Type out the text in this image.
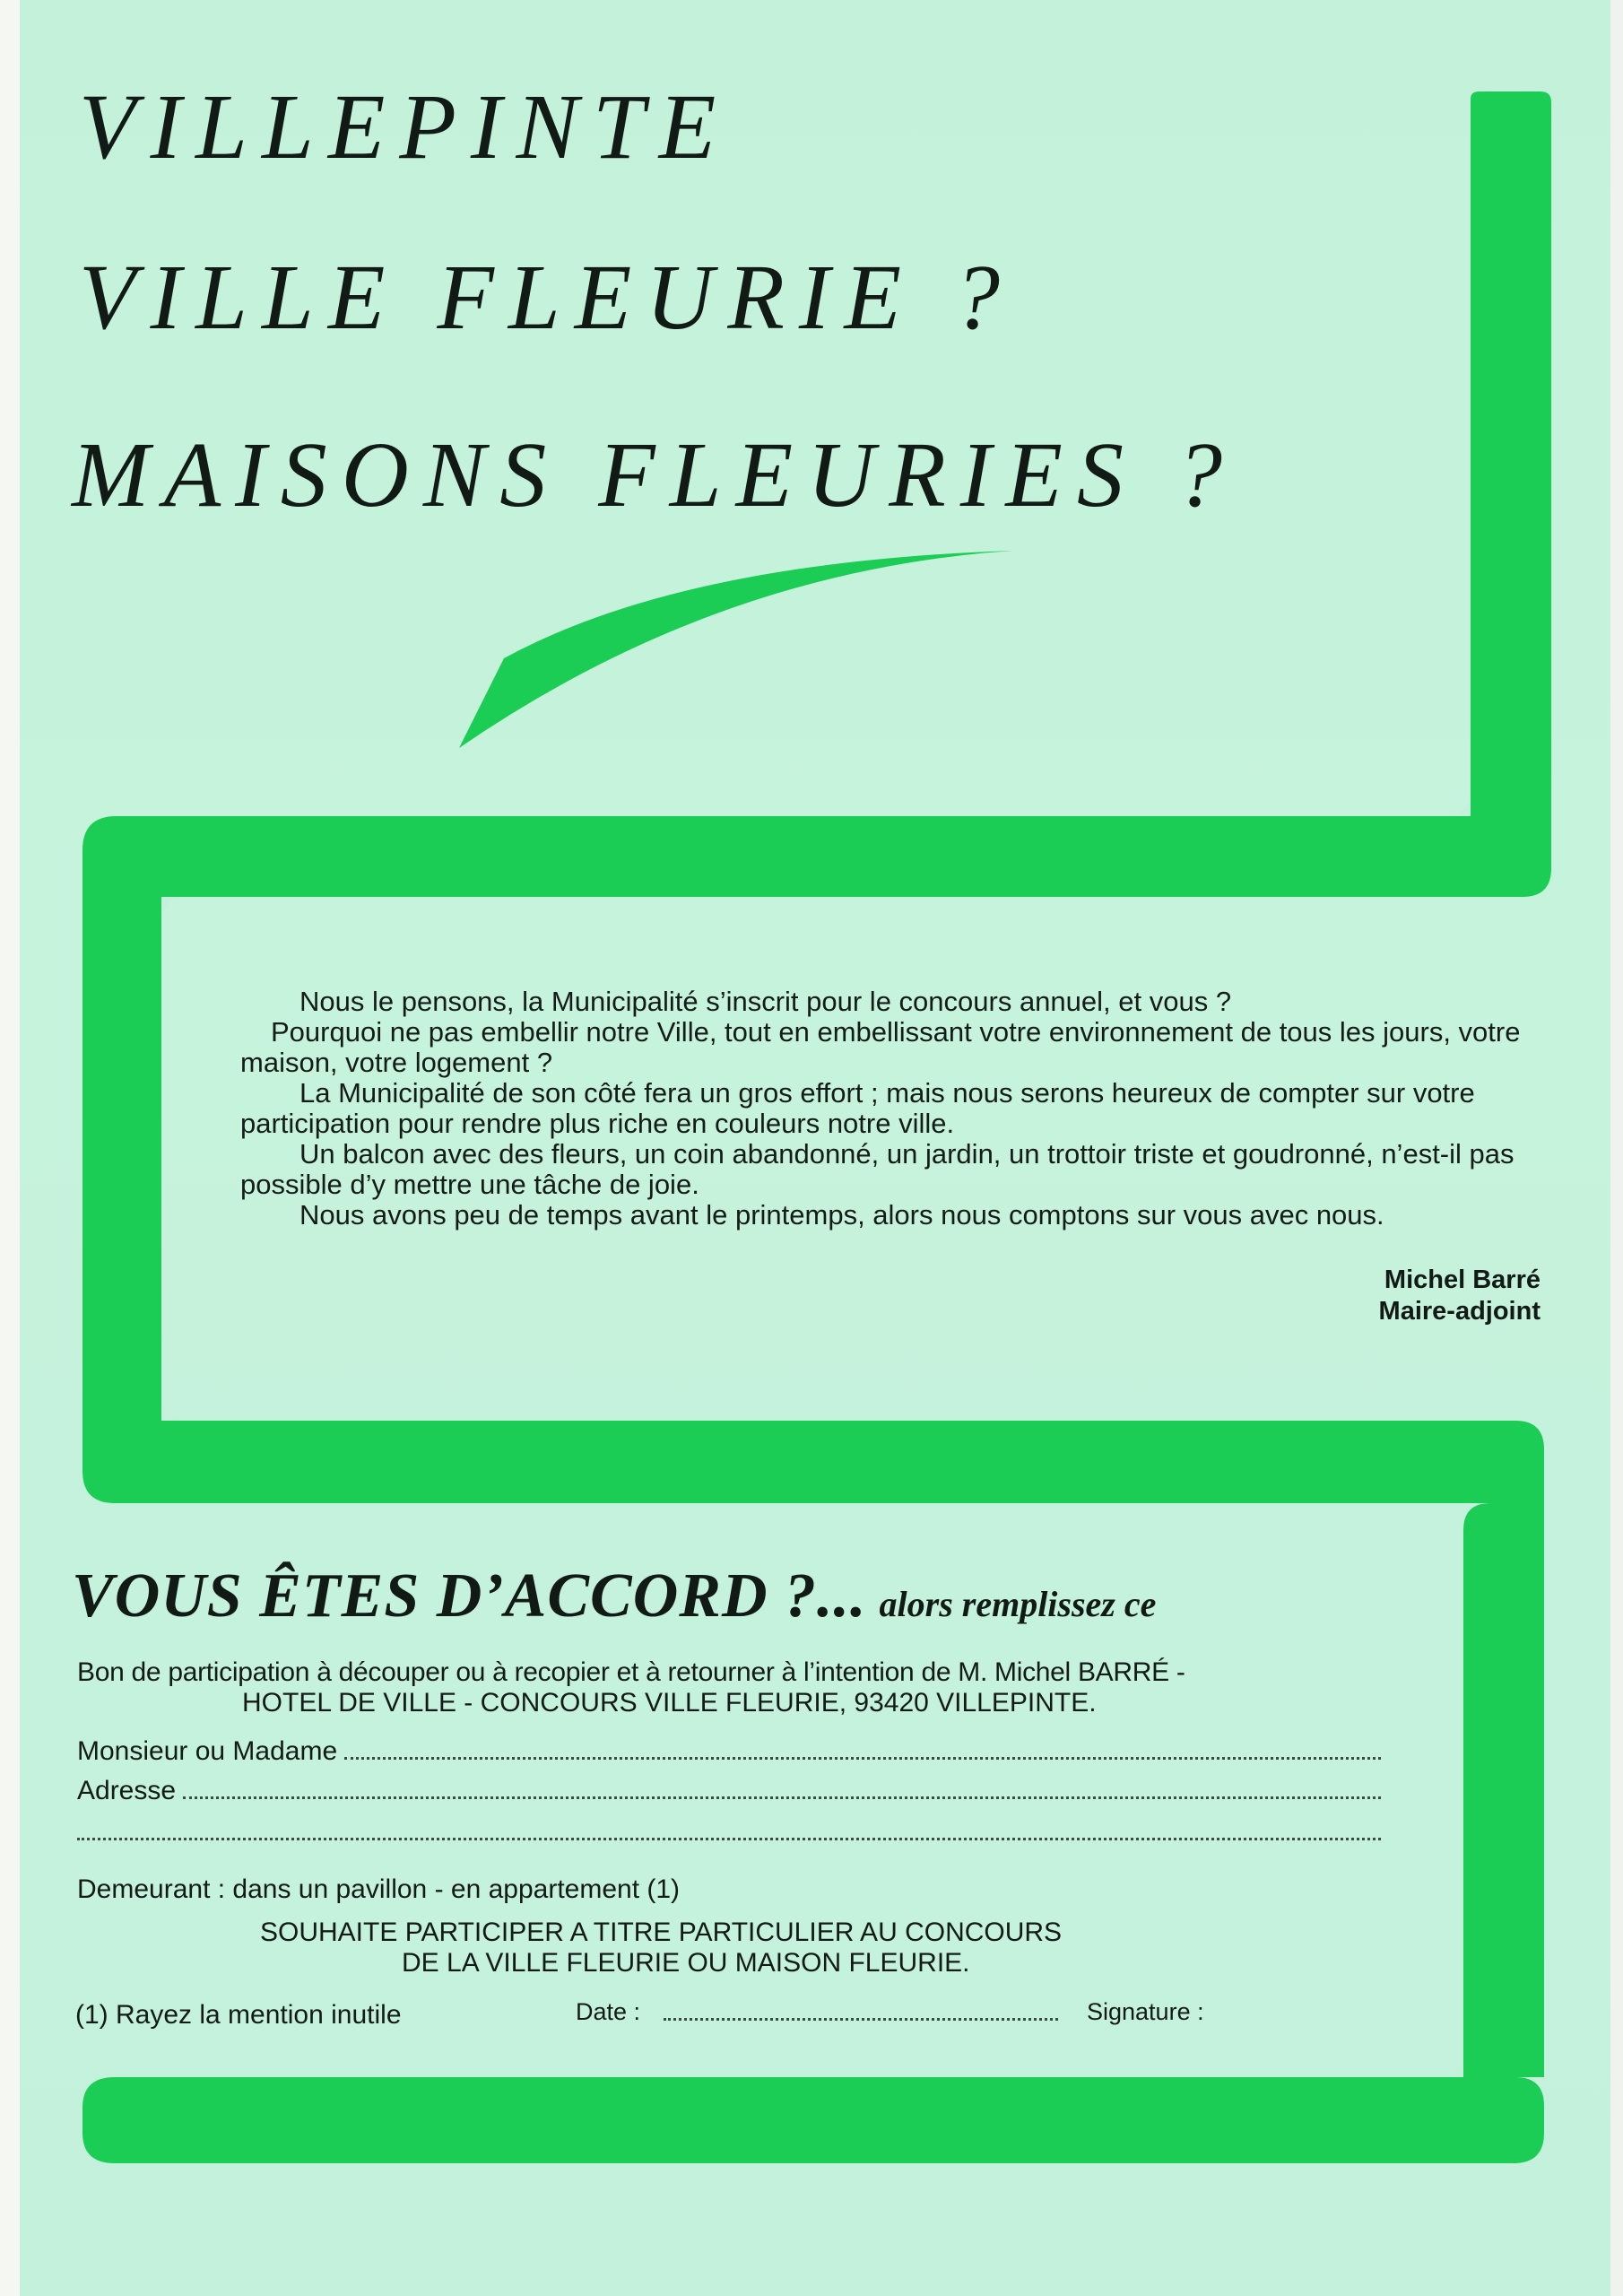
VILLEPINTE
VILLE FLEURIE ?
MAISONS FLEURIES ?

Nous le pensons, la Municipalité s’inscrit pour le concours annuel, et vous ?

Pourquoi ne pas embellir notre Ville, tout en embellissant votre environnement de tous les jours, votre maison, votre logement ?

La Municipalité de son côté fera un gros effort ; mais nous serons heureux de compter sur votre participation pour rendre plus riche en couleurs notre ville.

Un balcon avec des fleurs, un coin abandonné, un jardin, un trottoir triste et goudronné, n’est-il pas possible d’y mettre une tâche de joie.

Nous avons peu de temps avant le printemps, alors nous comptons sur vous avec nous.

Michel Barré
Maire-adjoint
VOUS ÊTES D’ACCORD ?... alors remplissez ce
Bon de participation à découper ou à recopier et à retourner à l’intention de M. Michel BARRÉ -
HOTEL DE VILLE - CONCOURS VILLE FLEURIE, 93420 VILLEPINTE.
Monsieur ou Madame
Adresse
Demeurant : dans un pavillon - en appartement (1)
SOUHAITE PARTICIPER A TITRE PARTICULIER AU CONCOURS
DE LA VILLE FLEURIE OU MAISON FLEURIE.
(1) Rayez la mention inutile	Date :	Signature :
